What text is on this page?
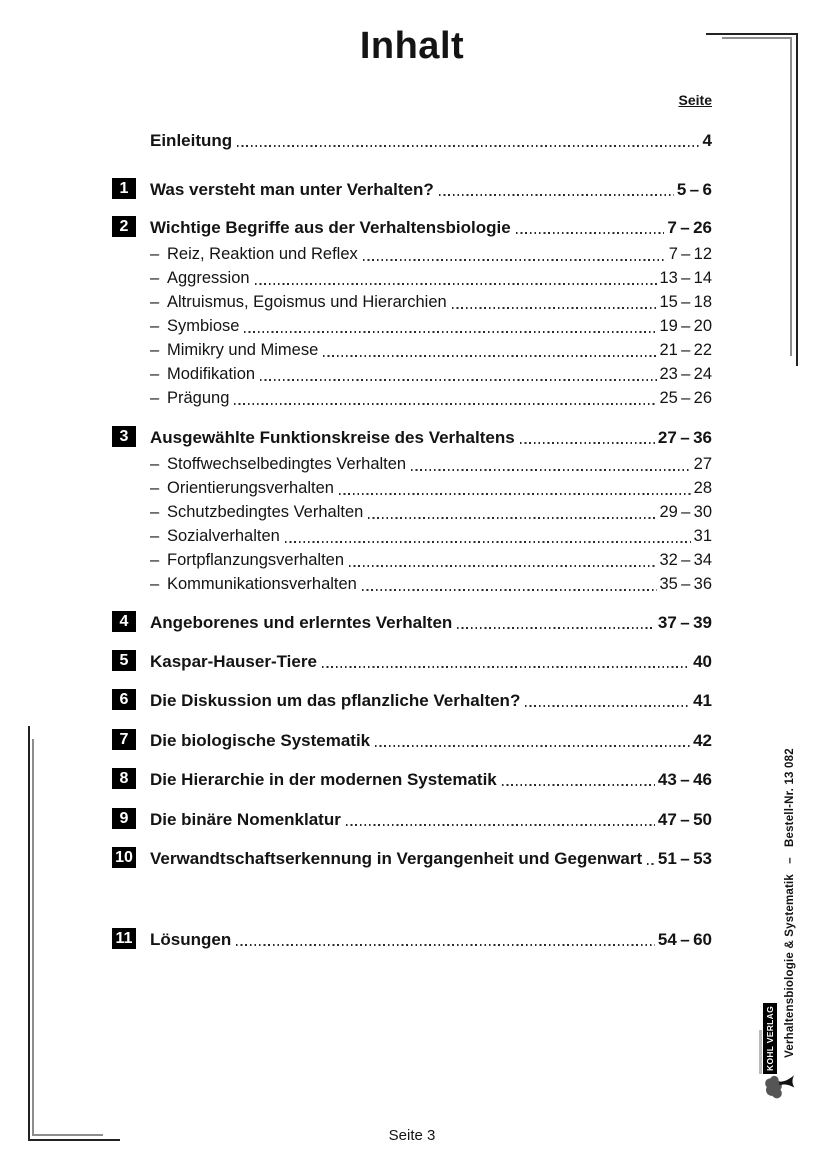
Inhalt
Seite
Einleitung	4
1	Was versteht man unter Verhalten?	5 – 6
2	Wichtige Begriffe aus der Verhaltensbiologie	7 – 26
– Reiz, Reaktion und Reflex	7 – 12
– Aggression	13 – 14
– Altruismus, Egoismus und Hierarchien	15 – 18
– Symbiose	19 – 20
– Mimikry und Mimese	21 – 22
– Modifikation	23 – 24
– Prägung	25 – 26
3	Ausgewählte Funktionskreise des Verhaltens	27 – 36
– Stoffwechselbedingtes Verhalten	27
– Orientierungsverhalten	28
– Schutzbedingtes Verhalten	29 – 30
– Sozialverhalten	31
– Fortpflanzungsverhalten	32 – 34
– Kommunikationsverhalten	35 – 36
4	Angeborenes und erlerntes Verhalten	37 – 39
5	Kaspar-Hauser-Tiere	40
6	Die Diskussion um das pflanzliche Verhalten?	41
7	Die biologische Systematik	42
8	Die Hierarchie in der modernen Systematik	43 – 46
9	Die binäre Nomenklatur	47 – 50
10 Verwandtschaftserkennung in Vergangenheit und Gegenwart 51 – 53
11 Lösungen	54 – 60	Verhaltensbiologie & Systematik   –   Bestell-Nr. 13 082
KOHL VERLAG
Seite 3
